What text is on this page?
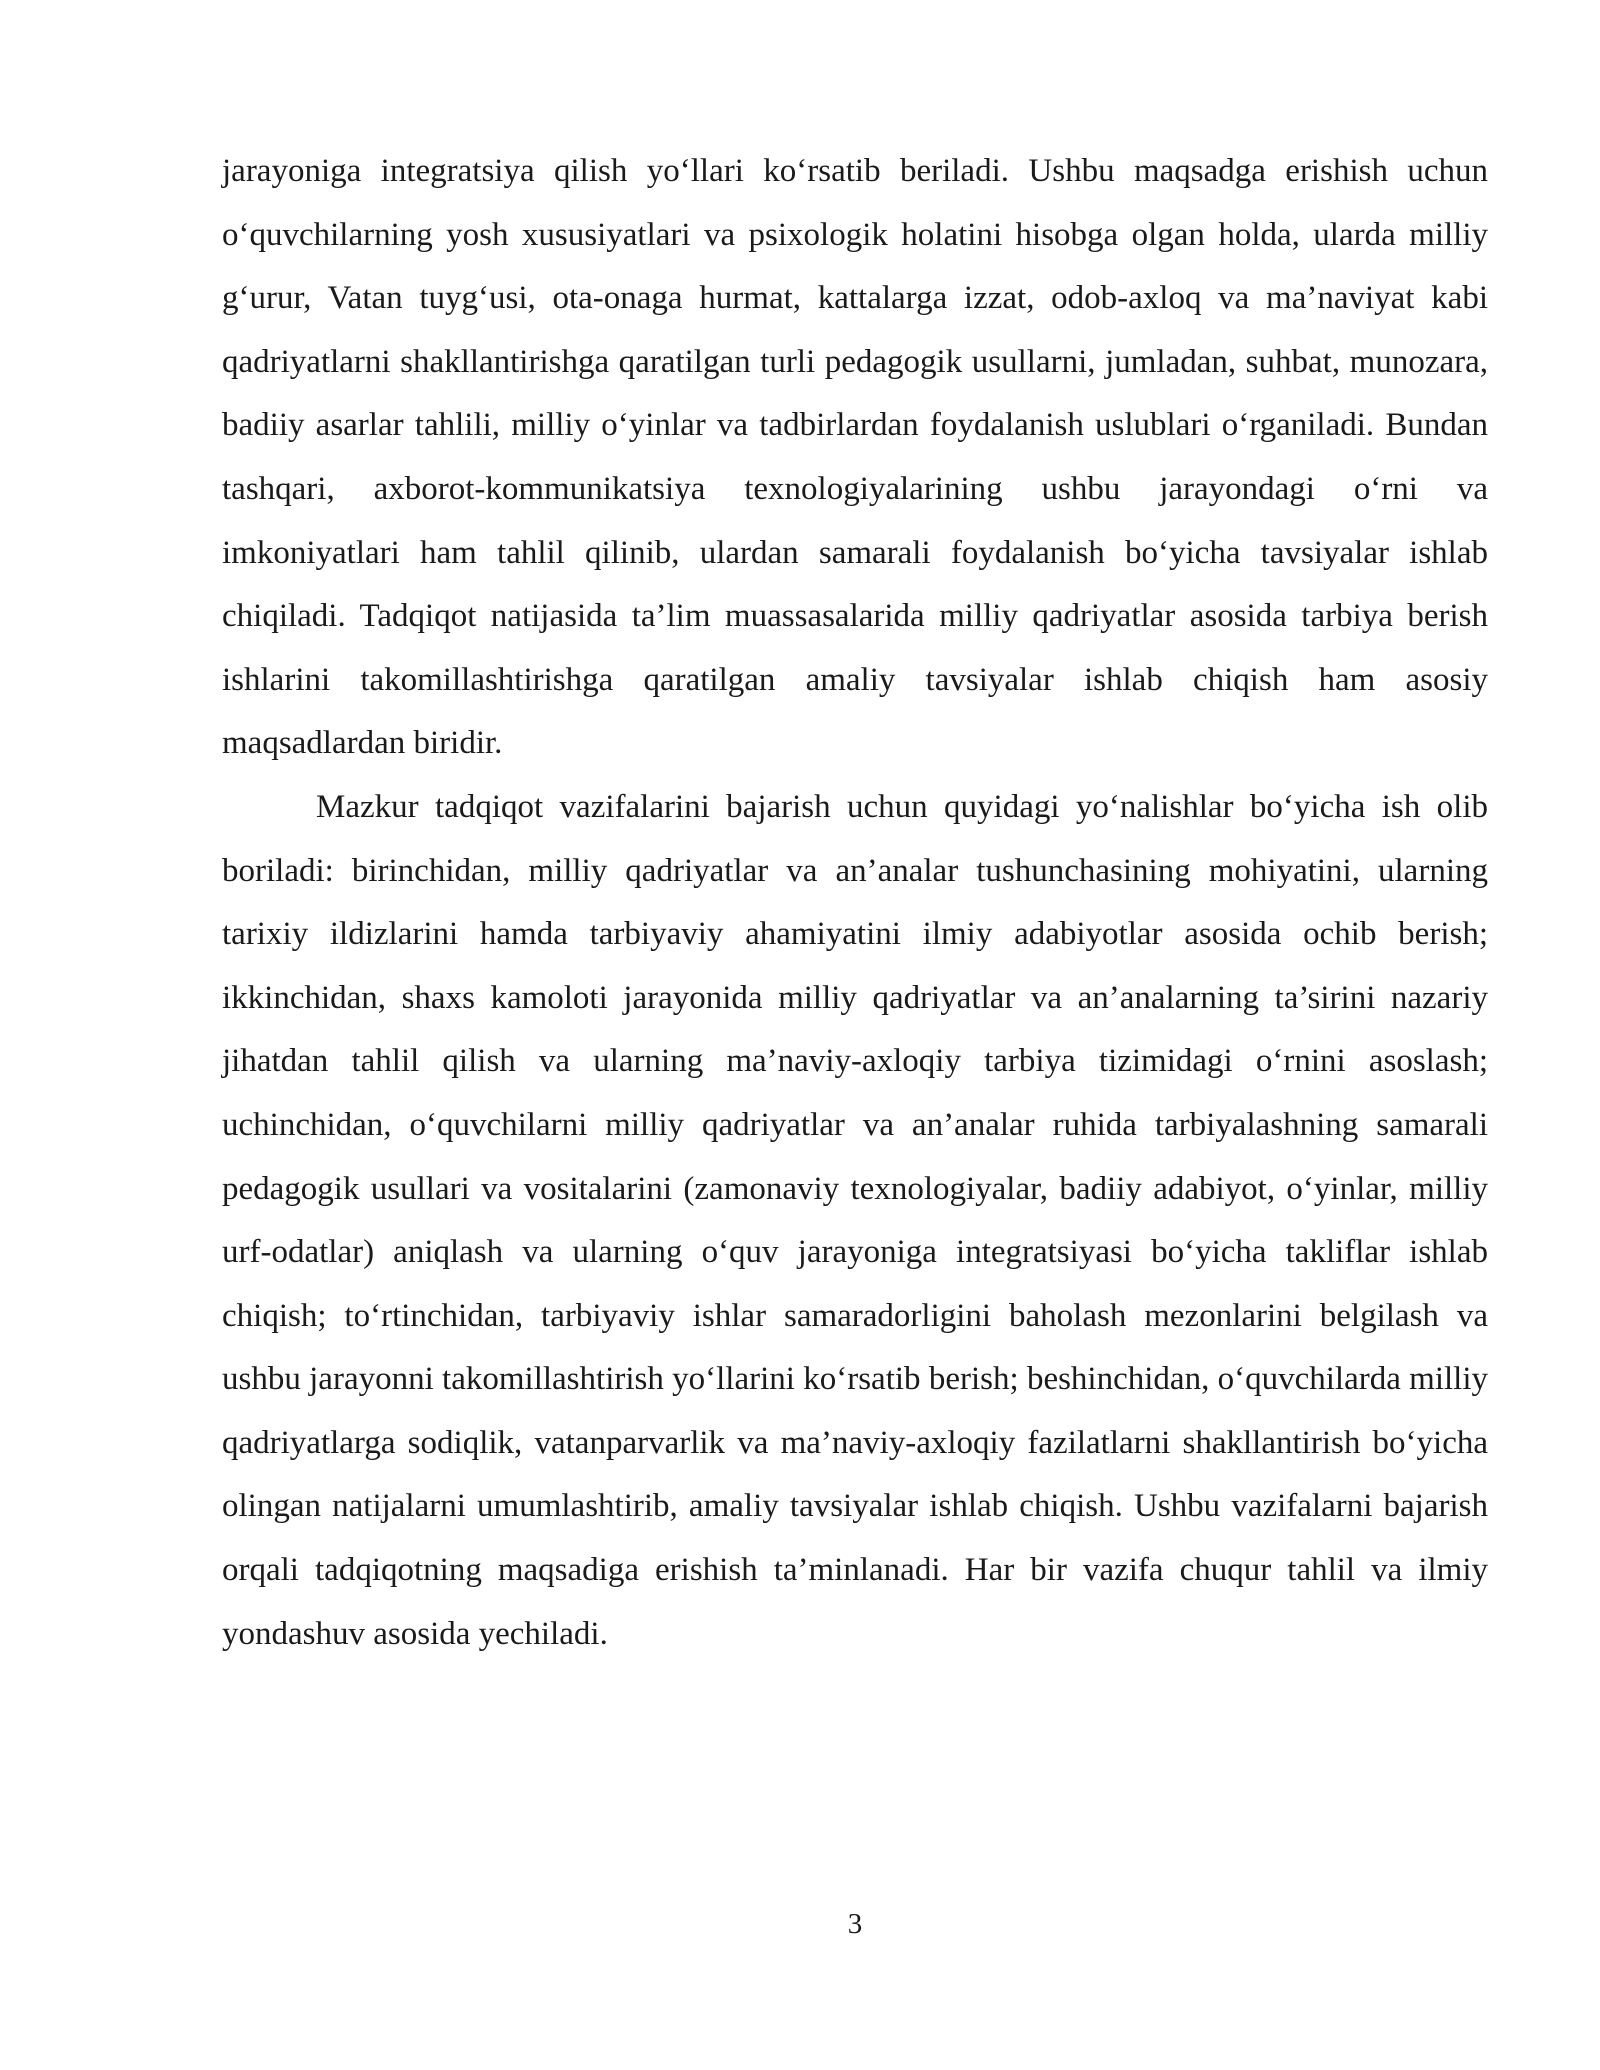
jarayoniga integratsiya qilish yo‘llari ko‘rsatib beriladi. Ushbu maqsadga erishish uchun o‘quvchilarning yosh xususiyatlari va psixologik holatini hisobga olgan holda, ularda milliy g‘urur, Vatan tuyg‘usi, ota-onaga hurmat, kattalarga izzat, odob-axloq va ma’naviyat kabi qadriyatlarni shakllantirishga qaratilgan turli pedagogik usullarni, jumladan, suhbat, munozara, badiiy asarlar tahlili, milliy o‘yinlar va tadbirlardan foydalanish uslublari o‘rganiladi. Bundan tashqari, axborot-kommunikatsiya texnologiyalarining ushbu jarayondagi o‘rni va imkoniyatlari ham tahlil qilinib, ulardan samarali foydalanish bo‘yicha tavsiyalar ishlab chiqiladi. Tadqiqot natijasida ta’lim muassasalarida milliy qadriyatlar asosida tarbiya berish ishlarini takomillashtirishga qaratilgan amaliy tavsiyalar ishlab chiqish ham asosiy maqsadlardan biridir.

Mazkur tadqiqot vazifalarini bajarish uchun quyidagi yo‘nalishlar bo‘yicha ish olib boriladi: birinchidan, milliy qadriyatlar va an’analar tushunchasining mohiyatini, ularning tarixiy ildizlarini hamda tarbiyaviy ahamiyatini ilmiy adabiyotlar asosida ochib berish; ikkinchidan, shaxs kamoloti jarayonida milliy qadriyatlar va an’analarning ta’sirini nazariy jihatdan tahlil qilish va ularning ma’naviy-axloqiy tarbiya tizimidagi o‘rnini asoslash; uchinchidan, o‘quvchilarni milliy qadriyatlar va an’analar ruhida tarbiyalashning samarali pedagogik usullari va vositalarini (zamonaviy texnologiyalar, badiiy adabiyot, o‘yinlar, milliy urf-odatlar) aniqlash va ularning o‘quv jarayoniga integratsiyasi bo‘yicha takliflar ishlab chiqish; to‘rtinchidan, tarbiyaviy ishlar samaradorligini baholash mezonlarini belgilash va ushbu jarayonni takomillashtirish yo‘llarini ko‘rsatib berish; beshinchidan, o‘quvchilarda milliy qadriyatlarga sodiqlik, vatanparvarlik va ma’naviy-axloqiy fazilatlarni shakllantirish bo‘yicha olingan natijalarni umumlashtirib, amaliy tavsiyalar ishlab chiqish. Ushbu vazifalarni bajarish orqali tadqiqotning maqsadiga erishish ta’minlanadi. Har bir vazifa chuqur tahlil va ilmiy yondashuv asosida yechiladi.

3
